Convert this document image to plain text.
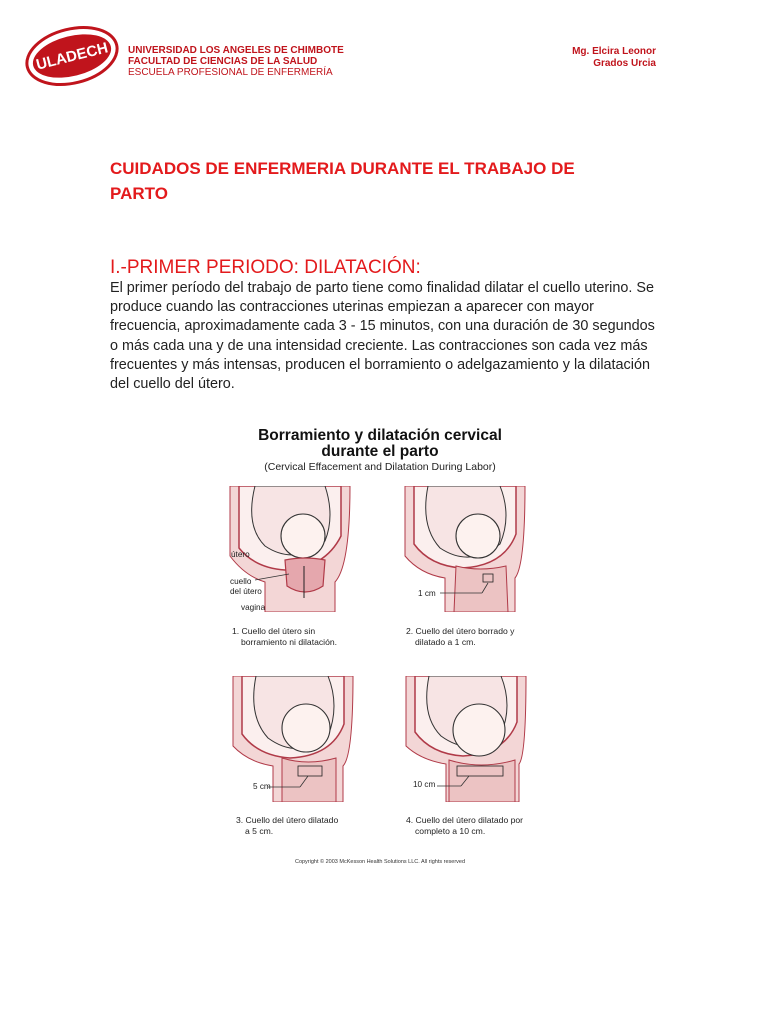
ULADECH UNIVERSIDAD LOS ANGELES DE CHIMBOTE
FACULTAD DE CIENCIAS DE LA SALUD
ESCUELA PROFESIONAL DE ENFERMERÍA
Mg. Elcira Leonor
Grados Urcia
CUIDADOS DE ENFERMERIA DURANTE EL TRABAJO DE PARTO
I.-PRIMER PERIODO: DILATACIÓN:

El primer período del trabajo de parto tiene como finalidad dilatar el cuello uterino. Se produce cuando las contracciones uterinas empiezan a aparecer con mayor frecuencia, aproximadamente cada 3 - 15 minutos, con una duración de 30 segundos o más cada una y de una intensidad creciente. Las contracciones son cada vez más frecuentes y más intensas, producen el borramiento o adelgazamiento y la dilatación del cuello del útero.

Borramiento y dilatación cervical
durante el parto
(Cervical Effacement and Dilatation During Labor)
útero
cuello
del útero
vagina
1. Cuello del útero sin
borramiento ni dilatación.
1 cm
2. Cuello del útero borrado y
dilatado a 1 cm.
5 cm
3. Cuello del útero dilatado
a 5 cm.
10 cm
4. Cuello del útero dilatado por
completo a 10 cm.
Copyright © 2003 McKesson Health Solutions LLC. All rights reserved
